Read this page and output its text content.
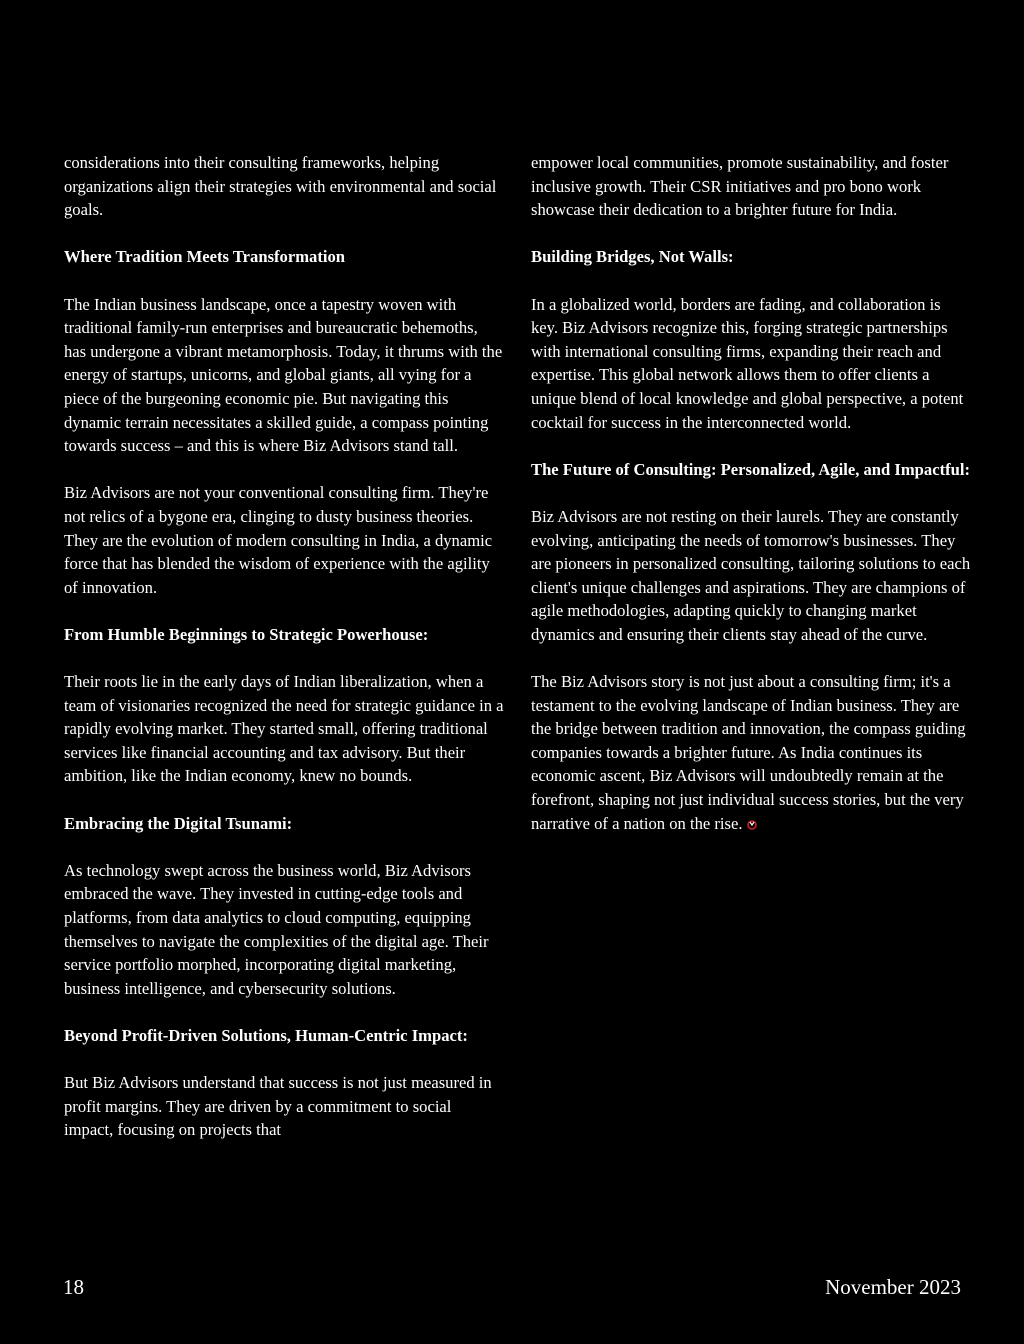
considerations into their consulting frameworks, helping organizations align their strategies with environmental and social goals.

Where Tradition Meets Transformation

The Indian business landscape, once a tapestry woven with traditional family-run enterprises and bureaucratic behemoths, has undergone a vibrant metamorphosis. Today, it thrums with the energy of startups, unicorns, and global giants, all vying for a piece of the burgeoning economic pie. But navigating this dynamic terrain necessitates a skilled guide, a compass pointing towards success – and this is where Biz Advisors stand tall.

Biz Advisors are not your conventional consulting firm. They're not relics of a bygone era, clinging to dusty business theories. They are the evolution of modern consulting in India, a dynamic force that has blended the wisdom of experience with the agility of innovation.

From Humble Beginnings to Strategic Powerhouse:

Their roots lie in the early days of Indian liberalization, when a team of visionaries recognized the need for strategic guidance in a rapidly evolving market. They started small, offering traditional services like financial accounting and tax advisory. But their ambition, like the Indian economy, knew no bounds.

Embracing the Digital Tsunami:

As technology swept across the business world, Biz Advisors embraced the wave. They invested in cutting-edge tools and platforms, from data analytics to cloud computing, equipping themselves to navigate the complexities of the digital age. Their service portfolio morphed, incorporating digital marketing, business intelligence, and cybersecurity solutions.

Beyond Profit-Driven Solutions, Human-Centric Impact:

But Biz Advisors understand that success is not just measured in profit margins. They are driven by a commitment to social impact, focusing on projects that

empower local communities, promote sustainability, and foster inclusive growth. Their CSR initiatives and pro bono work showcase their dedication to a brighter future for India.

Building Bridges, Not Walls:

In a globalized world, borders are fading, and collaboration is key. Biz Advisors recognize this, forging strategic partnerships with international consulting firms, expanding their reach and expertise. This global network allows them to offer clients a unique blend of local knowledge and global perspective, a potent cocktail for success in the interconnected world.

The Future of Consulting: Personalized, Agile, and Impactful:

Biz Advisors are not resting on their laurels. They are constantly evolving, anticipating the needs of tomorrow's businesses. They are pioneers in personalized consulting, tailoring solutions to each client's unique challenges and aspirations. They are champions of agile methodologies, adapting quickly to changing market dynamics and ensuring their clients stay ahead of the curve.

The Biz Advisors story is not just about a consulting firm; it's a testament to the evolving landscape of Indian business. They are the bridge between tradition and innovation, the compass guiding companies towards a brighter future. As India continues its economic ascent, Biz Advisors will undoubtedly remain at the forefront, shaping not just individual success stories, but the very narrative of a nation on the rise.

18	November 2023
